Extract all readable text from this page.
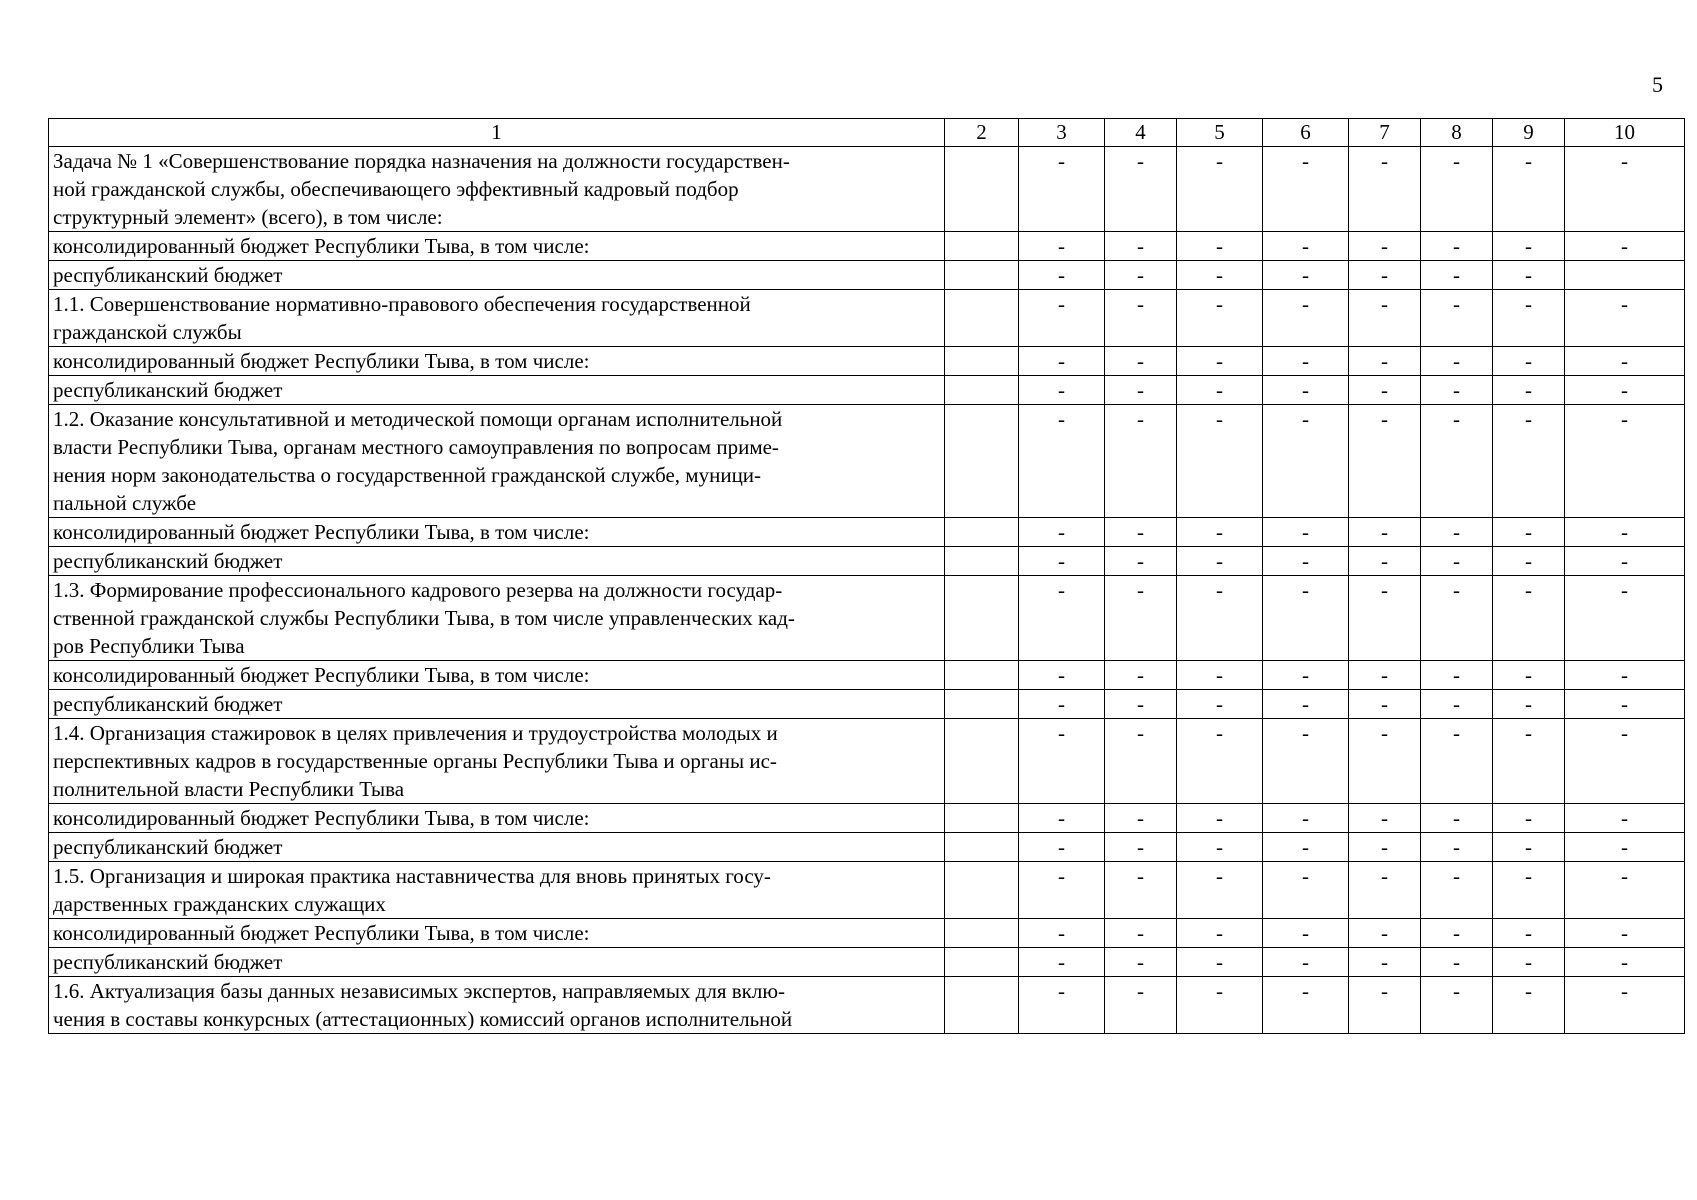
5
1	2	3	4	5	6	7	8	9	10
Задача № 1 «Совершенствование порядка назначения на должности государствен-
ной гражданской службы, обеспечивающего эффективный кадровый подбор
структурный элемент» (всего), в том числе:		-	-	-	-	-	-	-	-
консолидированный бюджет Республики Тыва, в том числе:		-	-	-	-	-	-	-	-
республиканский бюджет		-	-	-	-	-	-	-	
1.1. Совершенствование нормативно-правового обеспечения государственной
гражданской службы		-	-	-	-	-	-	-	-
консолидированный бюджет Республики Тыва, в том числе:		-	-	-	-	-	-	-	-
республиканский бюджет		-	-	-	-	-	-	-	-
1.2. Оказание консультативной и методической помощи органам исполнительной
власти Республики Тыва, органам местного самоуправления по вопросам приме-
нения норм законодательства о государственной гражданской службе, муници-
пальной службе		-	-	-	-	-	-	-	-
консолидированный бюджет Республики Тыва, в том числе:		-	-	-	-	-	-	-	-
республиканский бюджет		-	-	-	-	-	-	-	-
1.3. Формирование профессионального кадрового резерва на должности государ-
ственной гражданской службы Республики Тыва, в том числе управленческих кад-
ров Республики Тыва		-	-	-	-	-	-	-	-
консолидированный бюджет Республики Тыва, в том числе:		-	-	-	-	-	-	-	-
республиканский бюджет		-	-	-	-	-	-	-	-
1.4. Организация стажировок в целях привлечения и трудоустройства молодых и
перспективных кадров в государственные органы Республики Тыва и органы ис-
полнительной власти Республики Тыва		-	-	-	-	-	-	-	-
консолидированный бюджет Республики Тыва, в том числе:		-	-	-	-	-	-	-	-
республиканский бюджет		-	-	-	-	-	-	-	-
1.5. Организация и широкая практика наставничества для вновь принятых госу-
дарственных гражданских служащих		-	-	-	-	-	-	-	-
консолидированный бюджет Республики Тыва, в том числе:		-	-	-	-	-	-	-	-
республиканский бюджет		-	-	-	-	-	-	-	-
1.6. Актуализация базы данных независимых экспертов, направляемых для вклю-
чения в составы конкурсных (аттестационных) комиссий органов исполнительной		-	-	-	-	-	-	-	-
